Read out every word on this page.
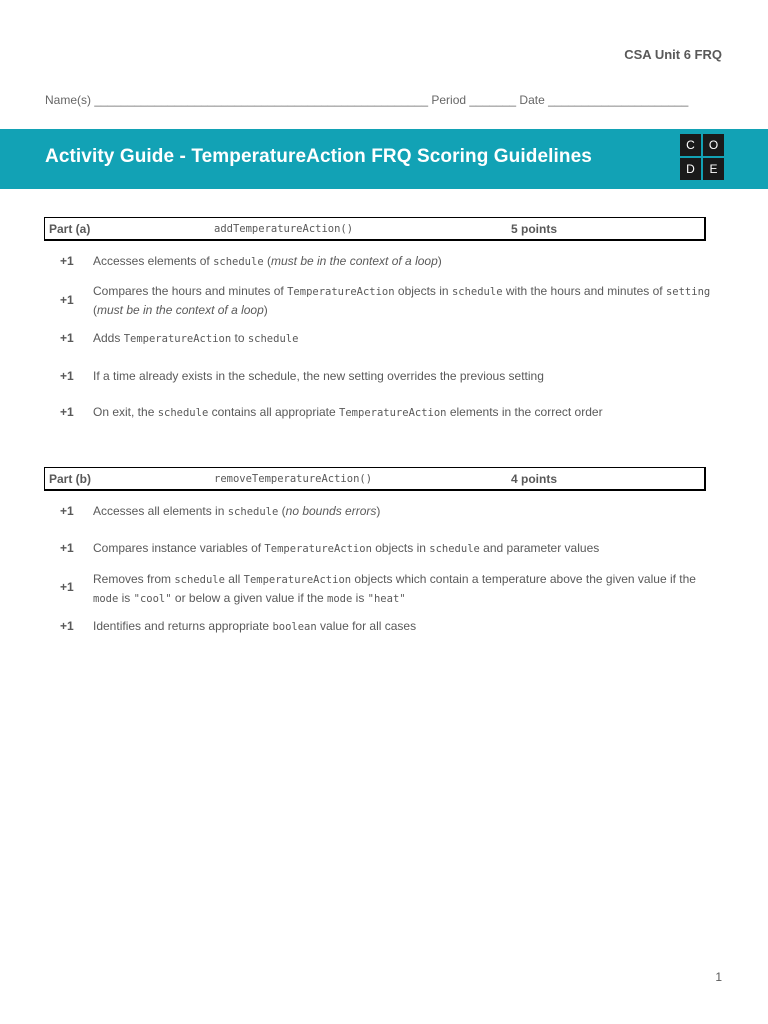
CSA Unit 6 FRQ
Name(s) __________________________________________________ Period _______ Date _____________________
Activity Guide - TemperatureAction FRQ Scoring Guidelines
C	O
D	E
Part (a)	addTemperatureAction()	5 points
+1 Accesses elements of schedule (must be in the context of a loop)
+1
Compares the hours and minutes of TemperatureAction objects in schedule with the hours and minutes of setting (must be in the context of a loop)
+1 Adds TemperatureAction to schedule
+1 If a time already exists in the schedule, the new setting overrides the previous setting
+1 On exit, the schedule contains all appropriate TemperatureAction elements in the correct order
Part (b)	removeTemperatureAction()	4 points
+1 Accesses all elements in schedule (no bounds errors)
+1 Compares instance variables of TemperatureAction objects in schedule and parameter values
+1
Removes from schedule all TemperatureAction objects which contain a temperature above the given value if the mode is "cool" or below a given value if the mode is "heat"
+1 Identifies and returns appropriate boolean value for all cases
1
